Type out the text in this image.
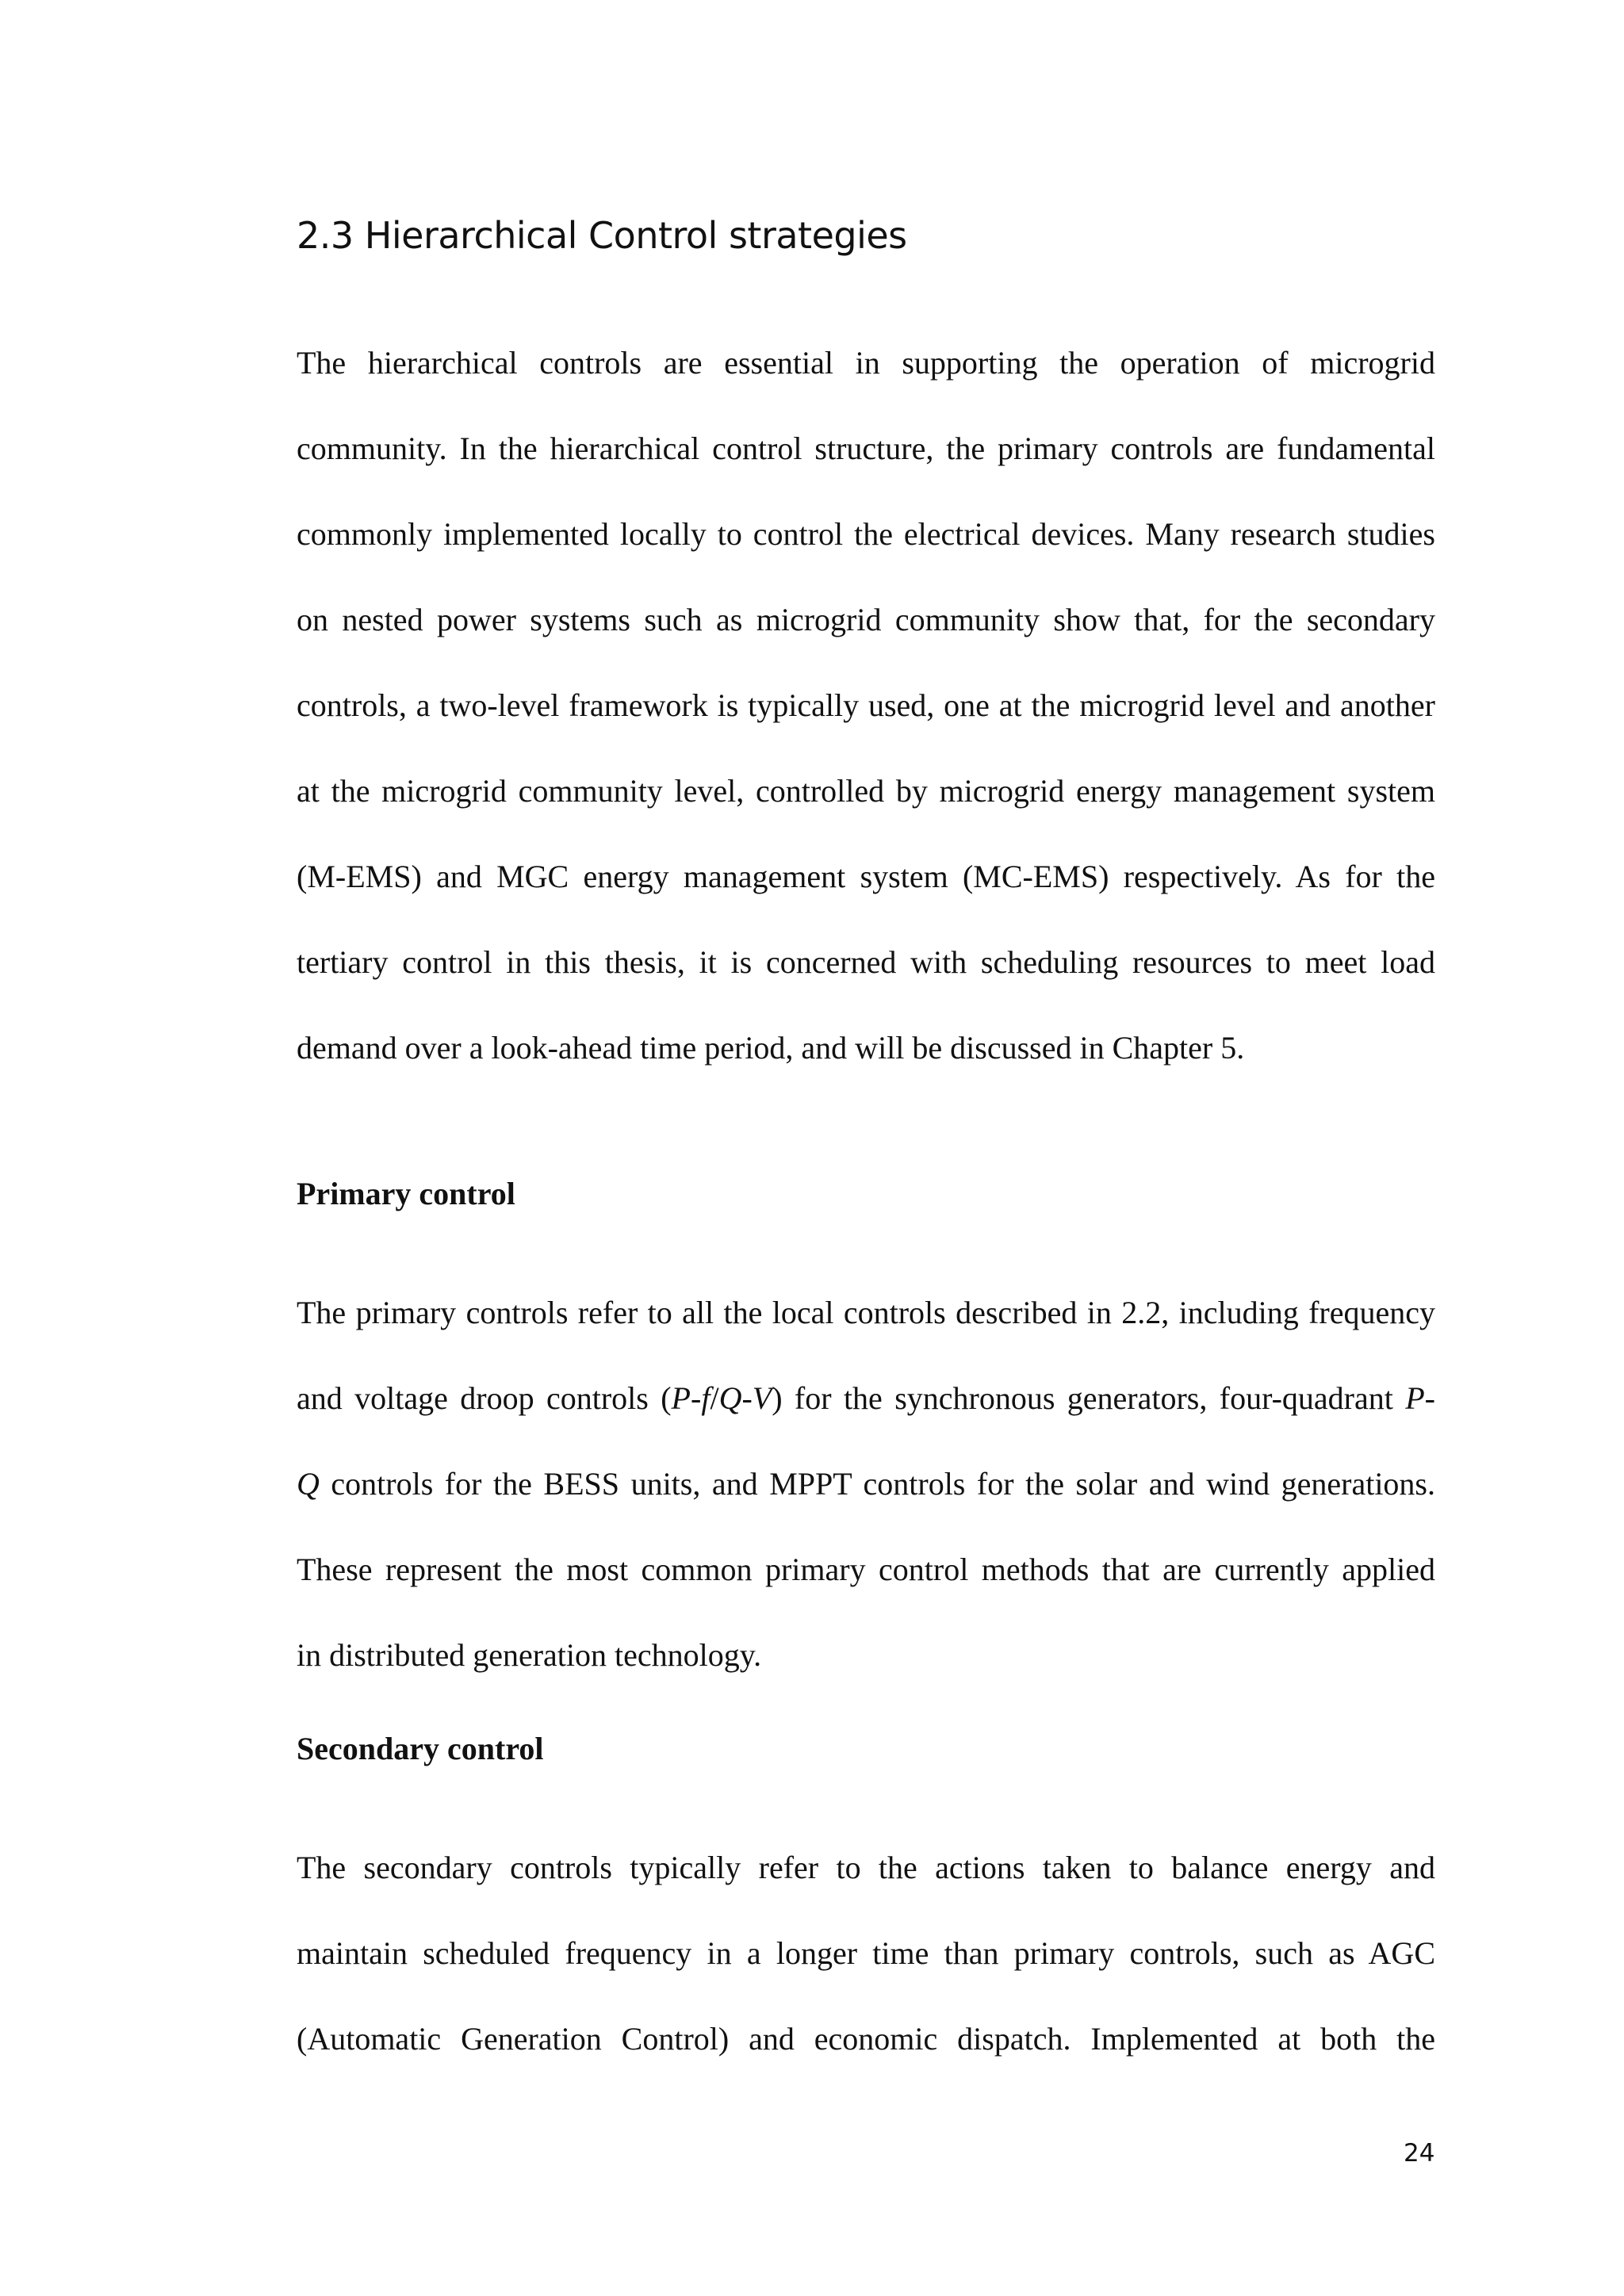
2.3 Hierarchical Control strategies
The hierarchical controls are essential in supporting the operation of microgrid
community. In the hierarchical control structure, the primary controls are fundamental
commonly implemented locally to control the electrical devices. Many research studies
on nested power systems such as microgrid community show that, for the secondary
controls, a two-level framework is typically used, one at the microgrid level and another
at the microgrid community level, controlled by microgrid energy management system
(M-EMS) and MGC energy management system (MC-EMS) respectively. As for the
tertiary control in this thesis, it is concerned with scheduling resources to meet load
demand over a look-ahead time period, and will be discussed in Chapter 5.
Primary control
The primary controls refer to all the local controls described in 2.2, including frequency
and voltage droop controls (P-f/Q-V) for the synchronous generators, four-quadrant P-
Q controls for the BESS units, and MPPT controls for the solar and wind generations.
These represent the most common primary control methods that are currently applied
in distributed generation technology.
Secondary control
The secondary controls typically refer to the actions taken to balance energy and
maintain scheduled frequency in a longer time than primary controls, such as AGC
(Automatic Generation Control) and economic dispatch. Implemented at both the
24
